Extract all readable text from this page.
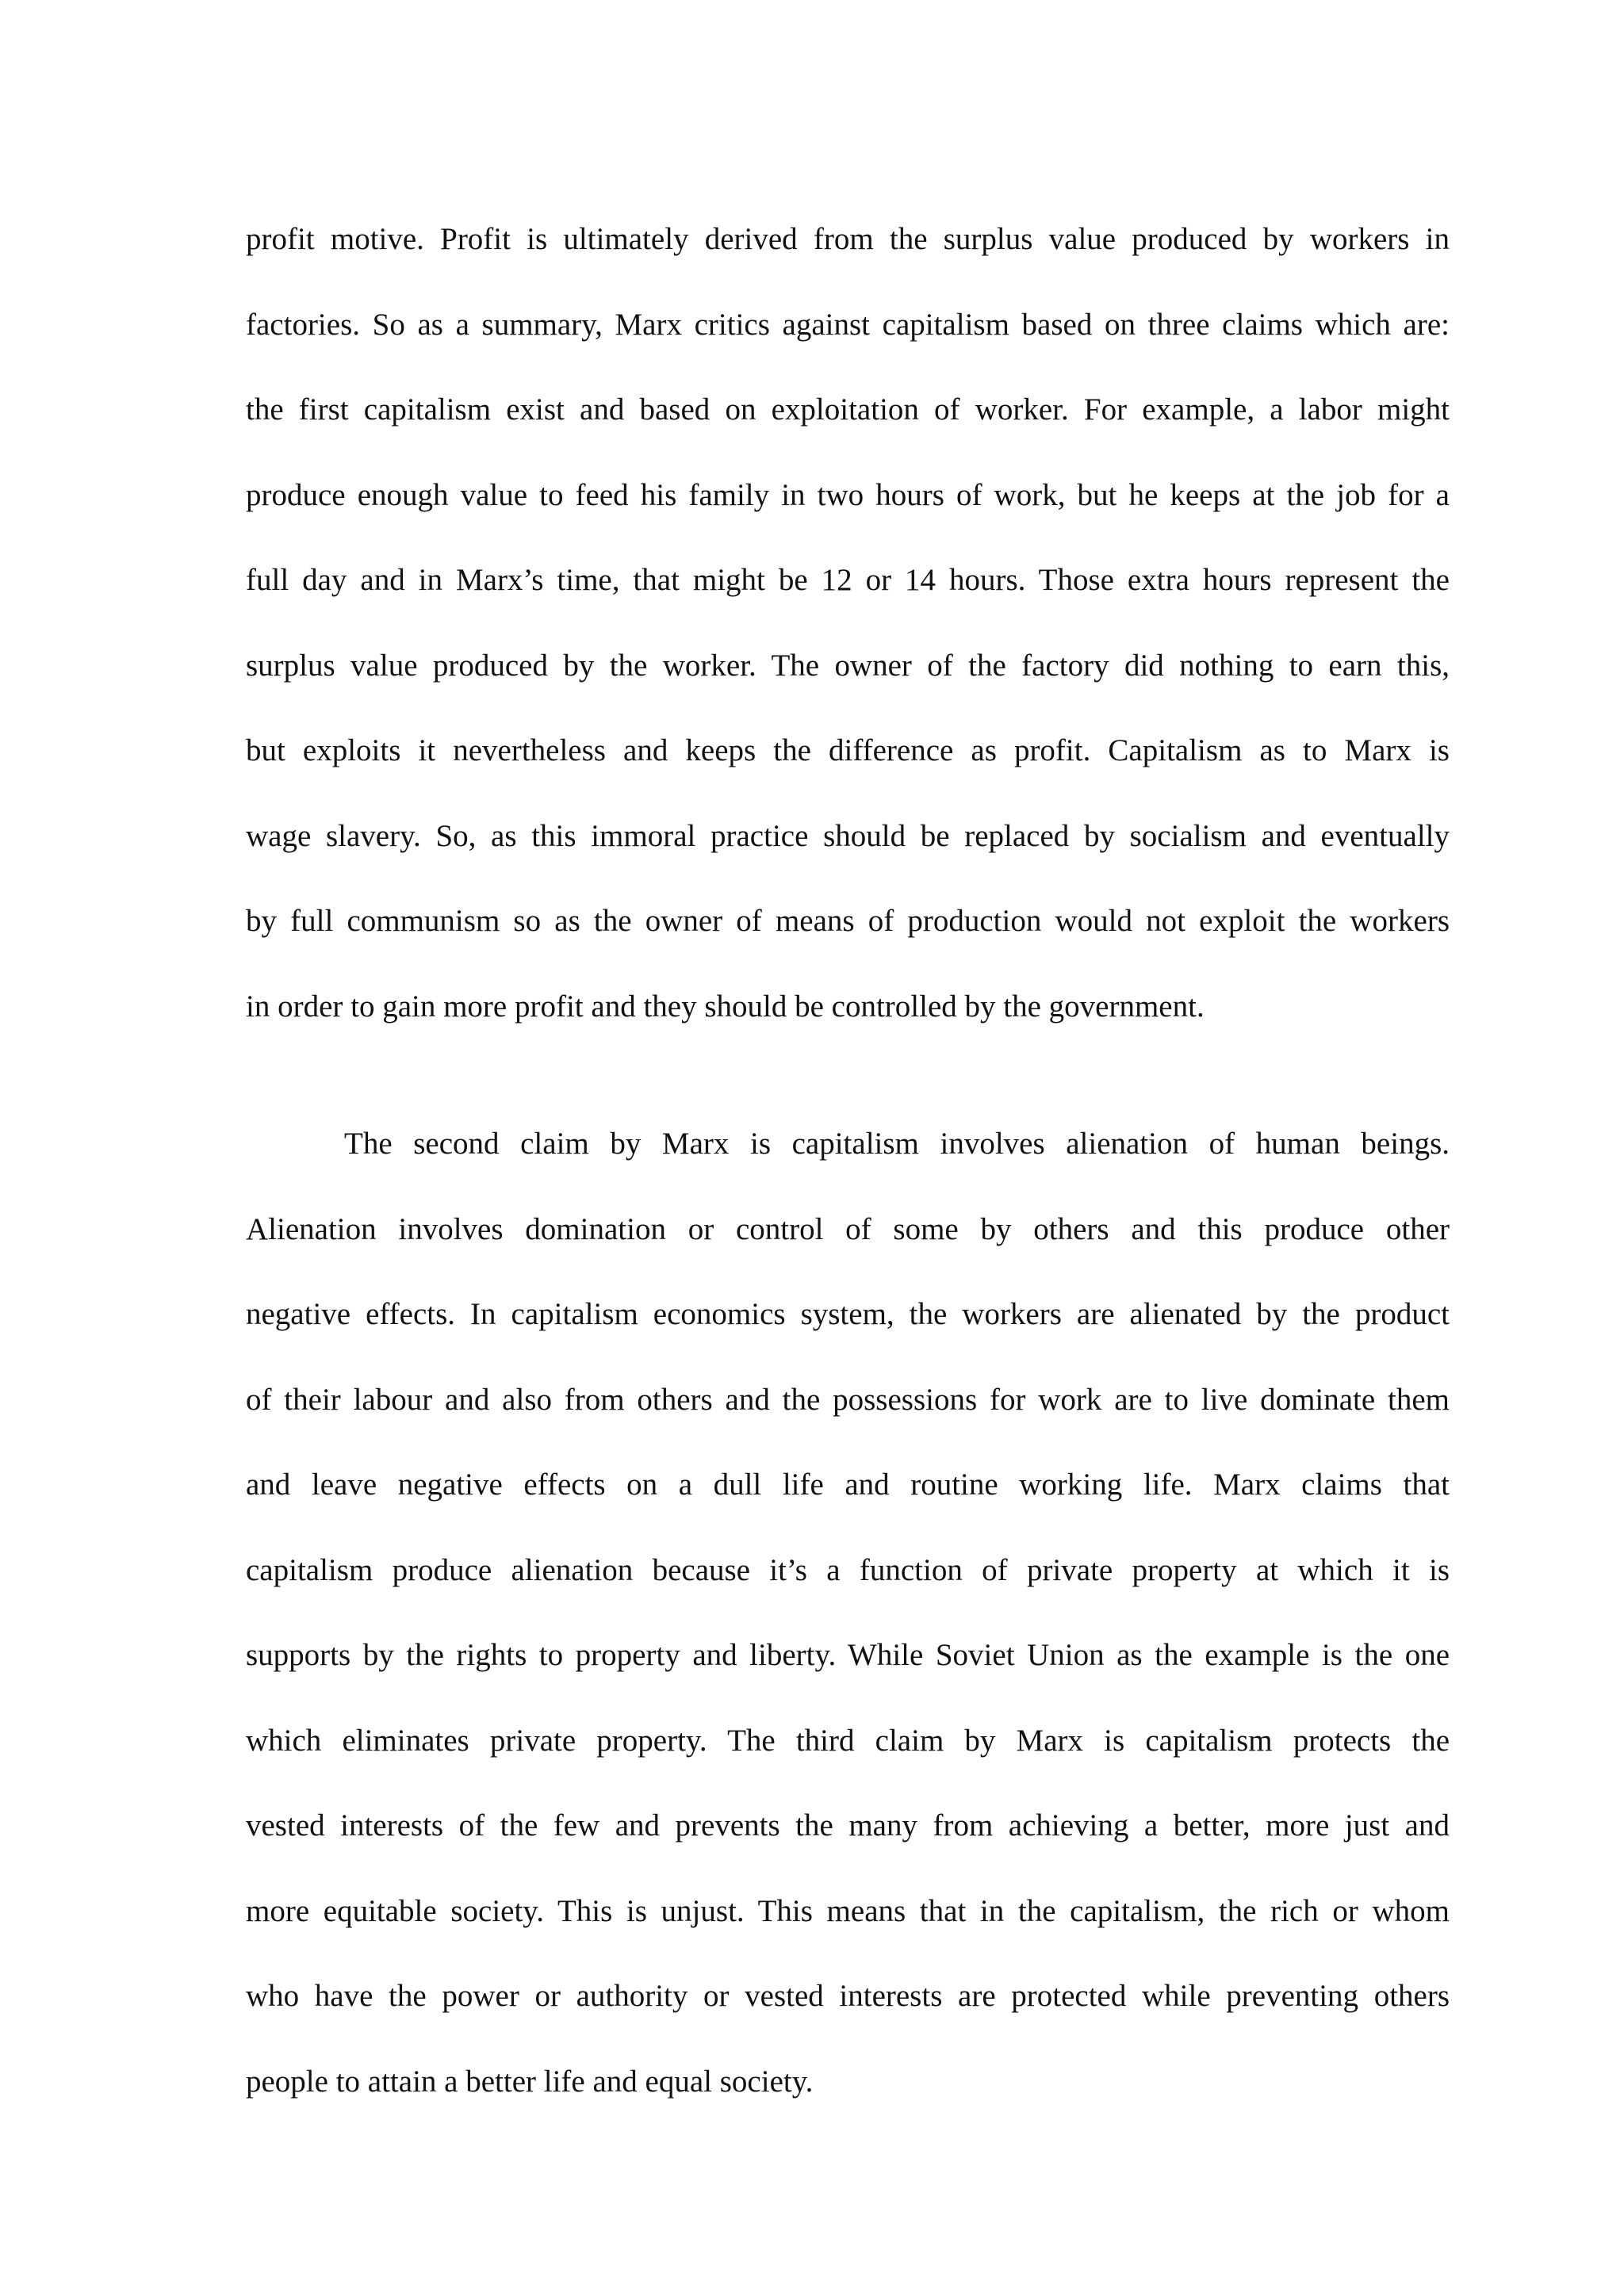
profit motive. Profit is ultimately derived from the surplus value produced by workers in
factories. So as a summary, Marx critics against capitalism based on three claims which are:
the first capitalism exist and based on exploitation of worker. For example, a labor might
produce enough value to feed his family in two hours of work, but he keeps at the job for a
full day and in Marx’s time, that might be 12 or 14 hours. Those extra hours represent the
surplus value produced by the worker. The owner of the factory did nothing to earn this,
but exploits it nevertheless and keeps the difference as profit. Capitalism as to Marx is
wage slavery. So, as this immoral practice should be replaced by socialism and eventually
by full communism so as the owner of means of production would not exploit the workers
in order to gain more profit and they should be controlled by the government.
The second claim by Marx is capitalism involves alienation of human beings.
Alienation involves domination or control of some by others and this produce other
negative effects. In capitalism economics system, the workers are alienated by the product
of their labour and also from others and the possessions for work are to live dominate them
and leave negative effects on a dull life and routine working life. Marx claims that
capitalism produce alienation because it’s a function of private property at which it is
supports by the rights to property and liberty. While Soviet Union as the example is the one
which eliminates private property. The third claim by Marx is capitalism protects the
vested interests of the few and prevents the many from achieving a better, more just and
more equitable society. This is unjust. This means that in the capitalism, the rich or whom
who have the power or authority or vested interests are protected while preventing others
people to attain a better life and equal society.
